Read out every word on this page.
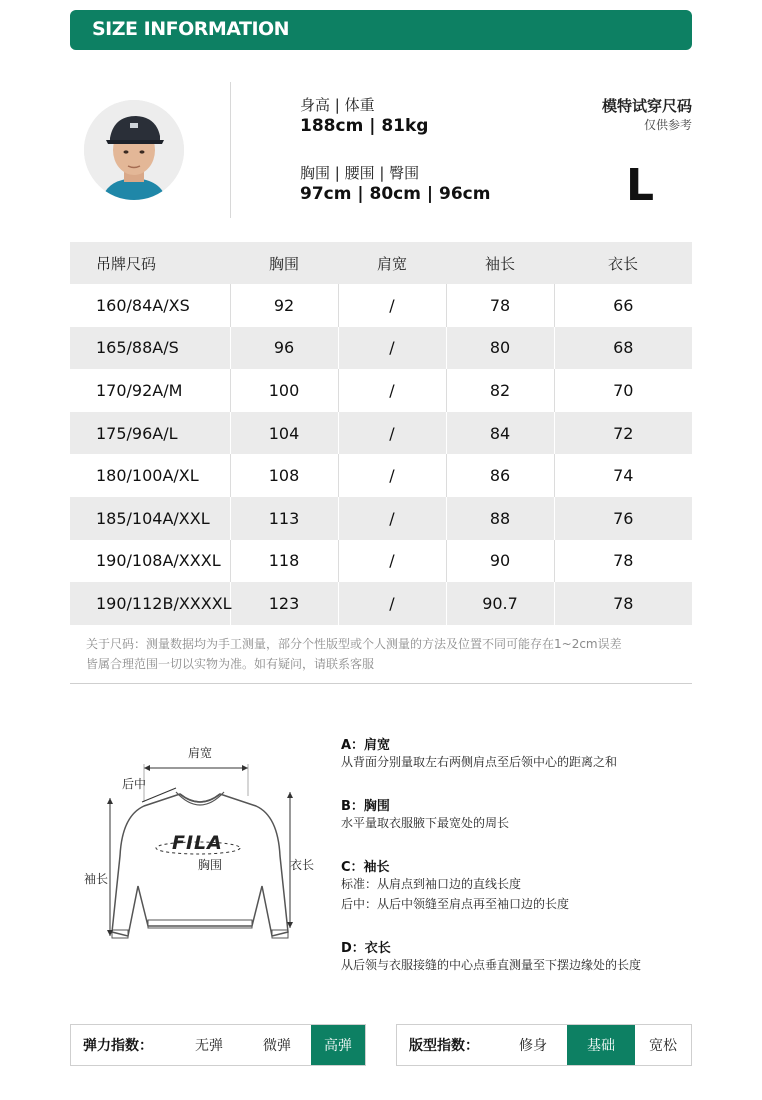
SIZE INFORMATION
身高 | 体重
188cm | 81kg
胸围 | 腰围 | 臀围
97cm | 80cm | 96cm
模特试穿尺码
仅供参考
L
吊牌尺码	胸围	肩宽	袖长	衣长
160/84A/XS	92	/	78	66
165/88A/S	96	/	80	68
170/92A/M	100	/	82	70
175/96A/L	104	/	84	72
180/100A/XL	108	/	86	74
185/104A/XXL	113	/	88	76
190/108A/XXXL	118	/	90	78
190/112B/XXXXL	123	/	90.7	78
关于尺码：测量数据均为手工测量，部分个性版型或个人测量的方法及位置不同可能存在1~2cm误差
皆属合理范围一切以实物为准。如有疑问，请联系客服
肩宽
后中
FILA
胸围
袖长
衣长
A：肩宽
从背面分别量取左右两侧肩点至后领中心的距离之和
B：胸围
水平量取衣服腋下最宽处的周长
C：袖长
标准：从肩点到袖口边的直线长度
后中：从后中领缝至肩点再至袖口边的长度
D：衣长
从后领与衣服接缝的中心点垂直测量至下摆边缘处的长度
弹力指数：	无弹	微弹	高弹	版型指数：	修身	基础	宽松
